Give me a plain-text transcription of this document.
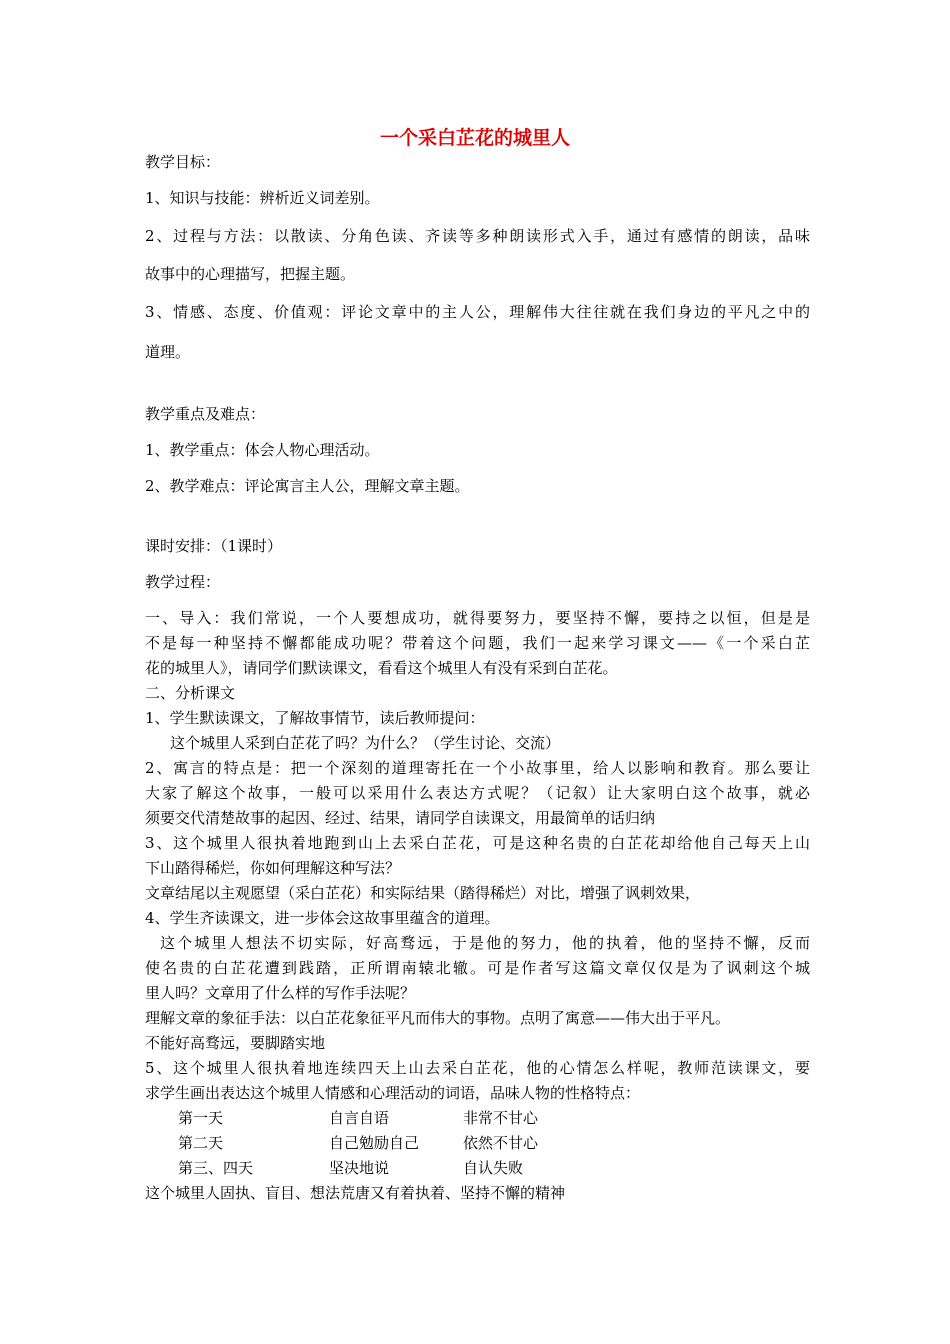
一个采白芷花的城里人
教学目标：
1、知识与技能：辨析近义词差别。
2、过程与方法：以散读、分角色读、齐读等多种朗读形式入手，通过有感情的朗读，品味
故事中的心理描写，把握主题。
3、情感、态度、价值观：评论文章中的主人公，理解伟大往往就在我们身边的平凡之中的
道理。
教学重点及难点：
1、教学重点：体会人物心理活动。
2、教学难点：评论寓言主人公，理解文章主题。
课时安排：（1课时）
教学过程：
一、导入：我们常说，一个人要想成功，就得要努力，要坚持不懈，要持之以恒，但是是
不是每一种坚持不懈都能成功呢？带着这个问题，我们一起来学习课文——《一个采白芷
花的城里人》，请同学们默读课文，看看这个城里人有没有采到白芷花。
二、分析课文
1、学生默读课文，了解故事情节，读后教师提问：
这个城里人采到白芷花了吗？为什么？（学生讨论、交流）
2、寓言的特点是：把一个深刻的道理寄托在一个小故事里，给人以影响和教育。那么要让
大家了解这个故事，一般可以采用什么表达方式呢？（记叙）让大家明白这个故事，就必
须要交代清楚故事的起因、经过、结果，请同学自读课文，用最简单的话归纳
3、这个城里人很执着地跑到山上去采白芷花，可是这种名贵的白芷花却给他自己每天上山
下山踏得稀烂，你如何理解这种写法？
文章结尾以主观愿望（采白芷花）和实际结果（踏得稀烂）对比，增强了讽刺效果，
4、学生齐读课文，进一步体会这故事里蕴含的道理。
这个城里人想法不切实际，好高骛远，于是他的努力，他的执着，他的坚持不懈，反而
使名贵的白芷花遭到践踏，正所谓南辕北辙。可是作者写这篇文章仅仅是为了讽刺这个城
里人吗？文章用了什么样的写作手法呢？
理解文章的象征手法：以白芷花象征平凡而伟大的事物。点明了寓意——伟大出于平凡。
不能好高骛远，要脚踏实地
5、这个城里人很执着地连续四天上山去采白芷花，他的心情怎么样呢，教师范读课文，要
求学生画出表达这个城里人情感和心理活动的词语，品味人物的性格特点：
第一天	自言自语	非常不甘心
第二天	自己勉励自己	依然不甘心
第三、四天	坚决地说	自认失败
这个城里人固执、盲目、想法荒唐又有着执着、坚持不懈的精神
